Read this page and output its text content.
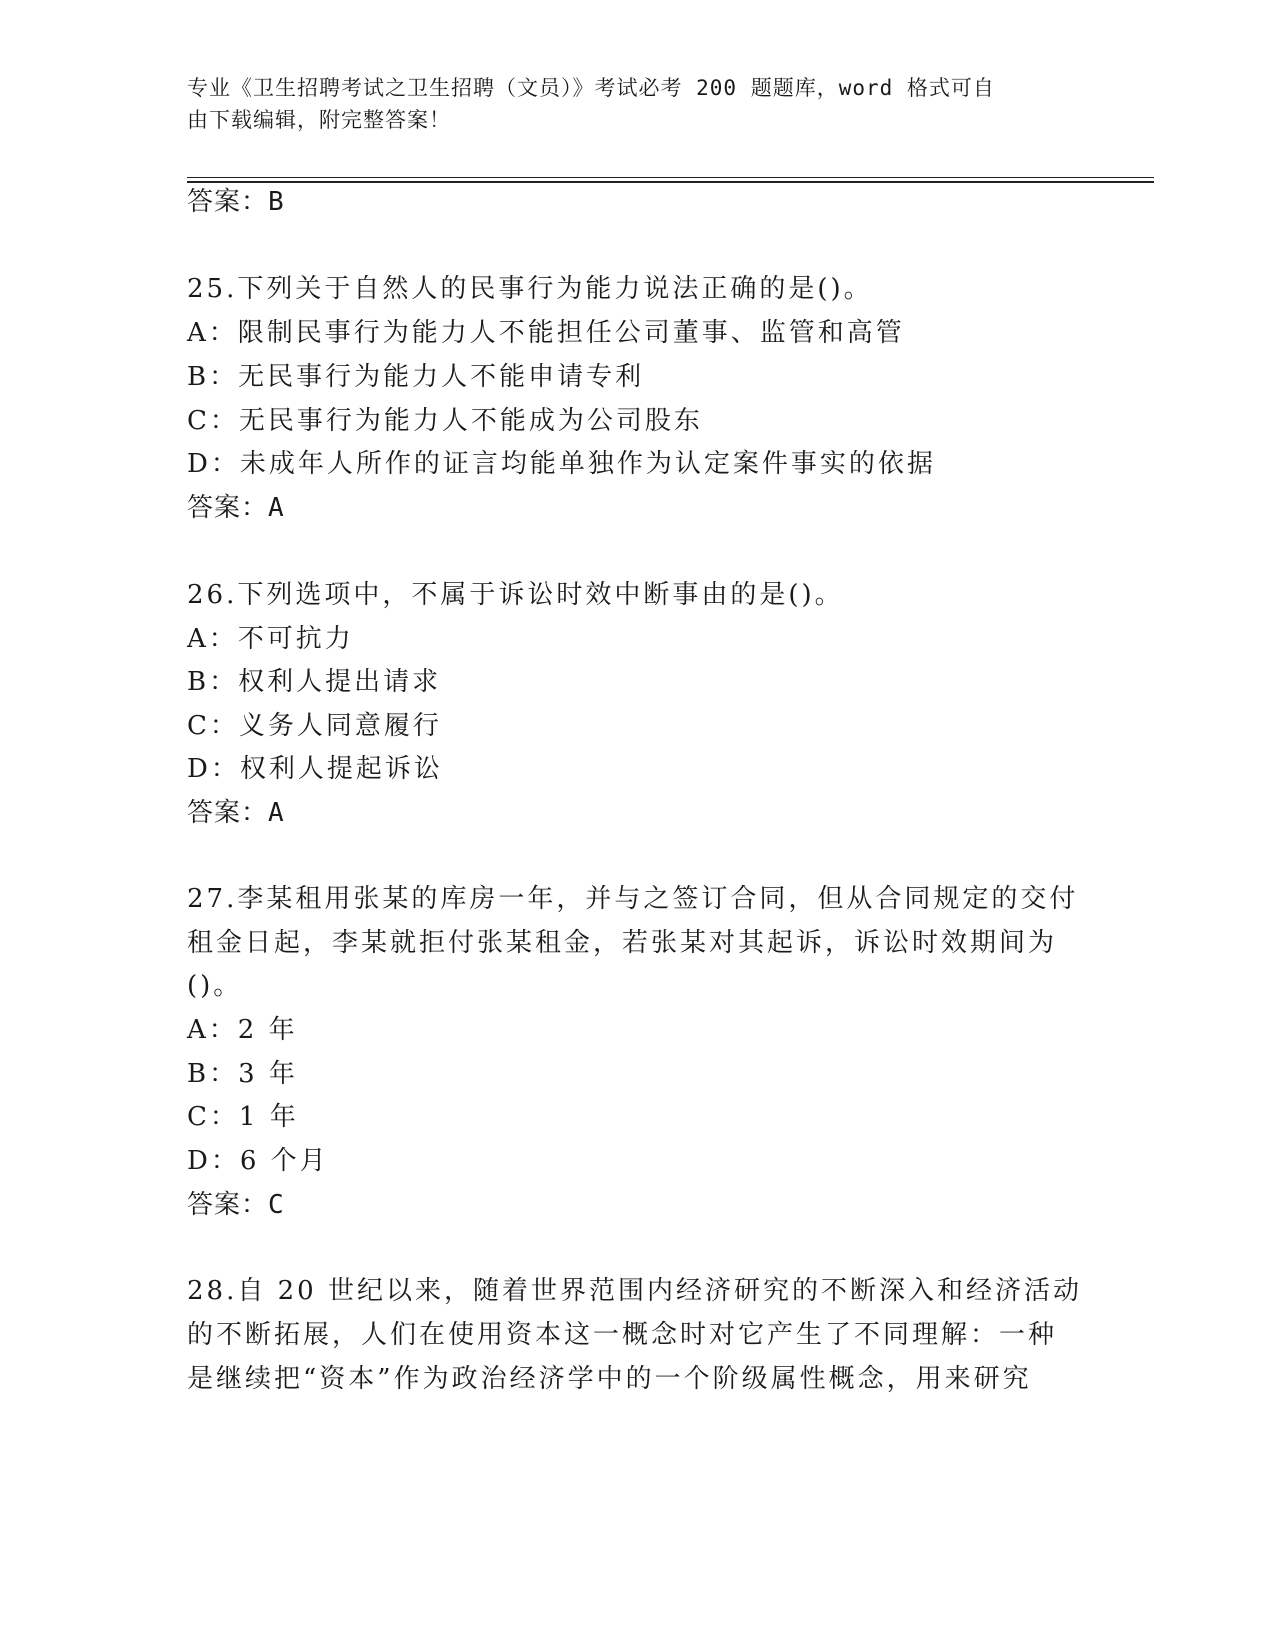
专业《卫生招聘考试之卫生招聘（文员）》考试必考 200 题题库，word 格式可自
由下载编辑，附完整答案！
答案：B
25.下列关于自然人的民事行为能力说法正确的是()。
A：限制民事行为能力人不能担任公司董事、监管和高管
B：无民事行为能力人不能申请专利
C：无民事行为能力人不能成为公司股东
D：未成年人所作的证言均能单独作为认定案件事实的依据
答案：A
26.下列选项中，不属于诉讼时效中断事由的是()。
A：不可抗力
B：权利人提出请求
C：义务人同意履行
D：权利人提起诉讼
答案：A
27.李某租用张某的库房一年，并与之签订合同，但从合同规定的交付
租金日起，李某就拒付张某租金，若张某对其起诉，诉讼时效期间为
()。
A：2 年
B：3 年
C：1 年
D：6 个月
答案：C
28.自 20 世纪以来，随着世界范围内经济研究的不断深入和经济活动
的不断拓展，人们在使用资本这一概念时对它产生了不同理解：一种
是继续把“资本”作为政治经济学中的一个阶级属性概念，用来研究
